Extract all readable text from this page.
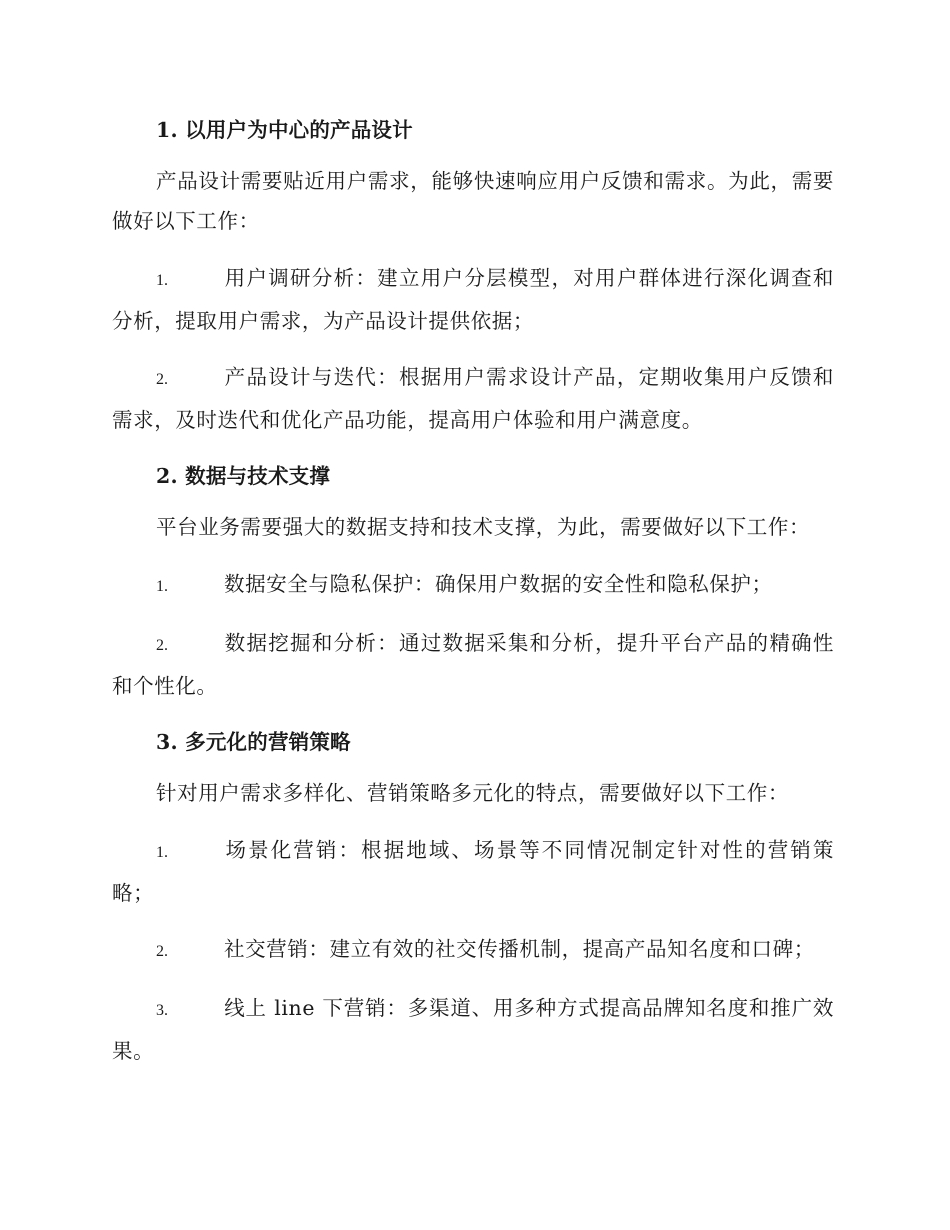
1. 以用户为中心的产品设计

产品设计需要贴近用户需求，能够快速响应用户反馈和需求。为此，需要做好以下工作：

1.	用户调研分析：建立用户分层模型，对用户群体进行深化调查和分析，提取用户需求，为产品设计提供依据；

2.	产品设计与迭代：根据用户需求设计产品，定期收集用户反馈和需求，及时迭代和优化产品功能，提高用户体验和用户满意度。

2. 数据与技术支撑

平台业务需要强大的数据支持和技术支撑，为此，需要做好以下工作：

1.	数据安全与隐私保护：确保用户数据的安全性和隐私保护；

2.	数据挖掘和分析：通过数据采集和分析，提升平台产品的精确性和个性化。

3. 多元化的营销策略

针对用户需求多样化、营销策略多元化的特点，需要做好以下工作：

1.	场景化营销：根据地域、场景等不同情况制定针对性的营销策略；

2.	社交营销：建立有效的社交传播机制，提高产品知名度和口碑；

3.	线上 line 下营销：多渠道、用多种方式提高品牌知名度和推广效果。
